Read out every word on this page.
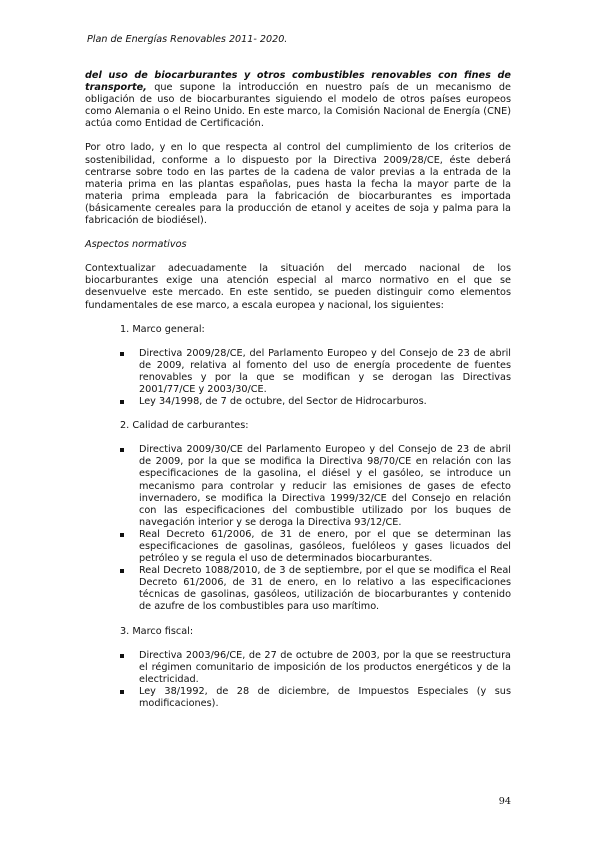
Plan de Energías Renovables 2011- 2020.

del uso de biocarburantes y otros combustibles renovables con fines de transporte, que supone la introducción en nuestro país de un mecanismo de obligación de uso de biocarburantes siguiendo el modelo de otros países europeos como Alemania o el Reino Unido. En este marco, la Comisión Nacional de Energía (CNE) actúa como Entidad de Certificación.

Por otro lado, y en lo que respecta al control del cumplimiento de los criterios de sostenibilidad, conforme a lo dispuesto por la Directiva 2009/28/CE, éste deberá centrarse sobre todo en las partes de la cadena de valor previas a la entrada de la materia prima en las plantas españolas, pues hasta la fecha la mayor parte de la materia prima empleada para la fabricación de biocarburantes es importada (básicamente cereales para la producción de etanol y aceites de soja y palma para la fabricación de biodiésel).

Aspectos normativos

Contextualizar adecuadamente la situación del mercado nacional de los biocarburantes exige una atención especial al marco normativo en el que se desenvuelve este mercado. En este sentido, se pueden distinguir como elementos fundamentales de ese marco, a escala europea y nacional, los siguientes:

1. Marco general:

Directiva 2009/28/CE, del Parlamento Europeo y del Consejo de 23 de abril de 2009, relativa al fomento del uso de energía procedente de fuentes renovables y por la que se modifican y se derogan las Directivas 2001/77/CE y 2003/30/CE.
Ley 34/1998, de 7 de octubre, del Sector de Hidrocarburos.

2. Calidad de carburantes:

Directiva 2009/30/CE del Parlamento Europeo y del Consejo de 23 de abril de 2009, por la que se modifica la Directiva 98/70/CE en relación con las especificaciones de la gasolina, el diésel y el gasóleo, se introduce un mecanismo para controlar y reducir las emisiones de gases de efecto invernadero, se modifica la Directiva 1999/32/CE del Consejo en relación con las especificaciones del combustible utilizado por los buques de navegación interior y se deroga la Directiva 93/12/CE.
Real Decreto 61/2006, de 31 de enero, por el que se determinan las especificaciones de gasolinas, gasóleos, fuelóleos y gases licuados del petróleo y se regula el uso de determinados biocarburantes.
Real Decreto 1088/2010, de 3 de septiembre, por el que se modifica el Real Decreto 61/2006, de 31 de enero, en lo relativo a las especificaciones técnicas de gasolinas, gasóleos, utilización de biocarburantes y contenido de azufre de los combustibles para uso marítimo.

3. Marco fiscal:

Directiva 2003/96/CE, de 27 de octubre de 2003, por la que se reestructura el régimen comunitario de imposición de los productos energéticos y de la electricidad.
Ley 38/1992, de 28 de diciembre, de Impuestos Especiales (y sus modificaciones).
94
